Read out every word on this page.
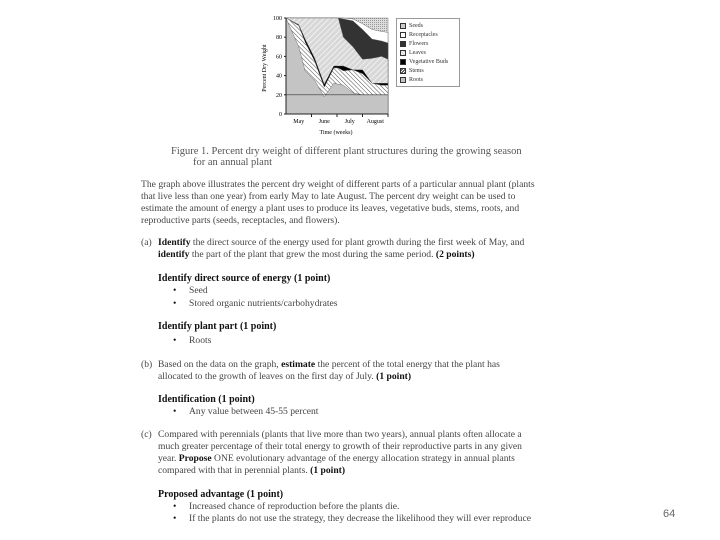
0
20
40
60
80
100
May June July August
Percent Dry Weight
Time (weeks)
Seeds
Receptacles
Flowers
Leaves
Vegetative Buds
Stems
Roots
Figure 1. Percent dry weight of different plant structures during the growing season
for an annual plant
The graph above illustrates the percent dry weight of different parts of a particular annual plant (plants
that live less than one year) from early May to late August. The percent dry weight can be used to
estimate the amount of energy a plant uses to produce its leaves, vegetative buds, stems, roots, and
reproductive parts (seeds, receptacles, and flowers).
(a) Identify the direct source of the energy used for plant growth during the first week of May, and
identify the part of the plant that grew the most during the same period. (2 points)
Identify direct source of energy (1 point)
• Seed
• Stored organic nutrients/carbohydrates
Identify plant part (1 point)
• Roots
(b) Based on the data on the graph, estimate the percent of the total energy that the plant has
allocated to the growth of leaves on the first day of July. (1 point)
Identification (1 point)
• Any value between 45-55 percent
(c) Compared with perennials (plants that live more than two years), annual plants often allocate a
much greater percentage of their total energy to growth of their reproductive parts in any given
year. Propose ONE evolutionary advantage of the energy allocation strategy in annual plants
compared with that in perennial plants. (1 point)
Proposed advantage (1 point)
• Increased chance of reproduction before the plants die.
• If the plants do not use the strategy, they decrease the likelihood they will ever reproduce	64
